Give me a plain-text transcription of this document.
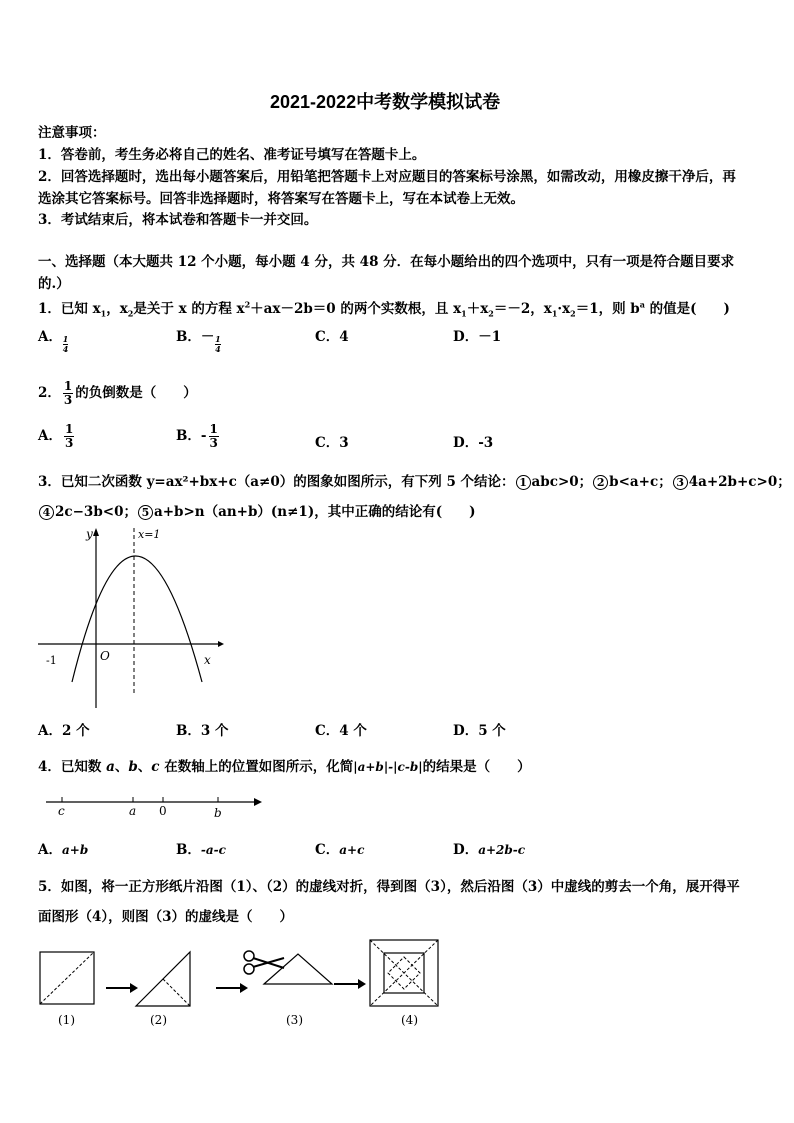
2021-2022中考数学模拟试卷
注意事项：
1．答卷前，考生务必将自己的姓名、准考证号填写在答题卡上。
2．回答选择题时，选出每小题答案后，用铅笔把答题卡上对应题目的答案标号涂黑，如需改动，用橡皮擦干净后，再
选涂其它答案标号。回答非选择题时，将答案写在答题卡上，写在本试卷上无效。
3．考试结束后，将本试卷和答题卡一并交回。
一、选择题（本大题共 12 个小题，每小题 4 分，共 48 分．在每小题给出的四个选项中，只有一项是符合题目要求
的.）
1．已知 $x_1$，$x_2$是关于 x 的方程 $x^2+ax-2b=0$ 的两个实数根，且 $x_1+x_2=-2$，$x_1\cdot x_2=1$，则 $b^a$ 的值是(　　)
A． $\frac{1}{4}$	B．－ $\frac{1}{4}$	C．4	D．－1
2． $\frac{1}{3}$ 的负倒数是（　　）
A． $\frac{1}{3}$	B．- $\frac{1}{3}$	C．3	D．-3
3．已知二次函数 y=ax²+bx+c（a≠0）的图象如图所示，有下列 5 个结论： 1 abc>0； 2 b<a+c； 3 4a+2b+c>0；
4 2c−3b<0； 5 a+b>n（an+b）(n≠1)，其中正确的结论有(　　)
y
x
O
-1
x=1
A．2 个	B．3 个	C．4 个	D．5 个
4．已知数 a、b、c 在数轴上的位置如图所示，化简|a+b|-|c-b|的结果是（　　）
c	a 0	b
A．a+b	B．-a-c	C．a+c	D．a+2b-c
5．如图，将一正方形纸片沿图（1）、（2）的虚线对折，得到图（3），然后沿图（3）中虚线的剪去一个角，展开得平
面图形（4），则图（3）的虚线是（　　）
(1)	(2)	(3)	(4)
